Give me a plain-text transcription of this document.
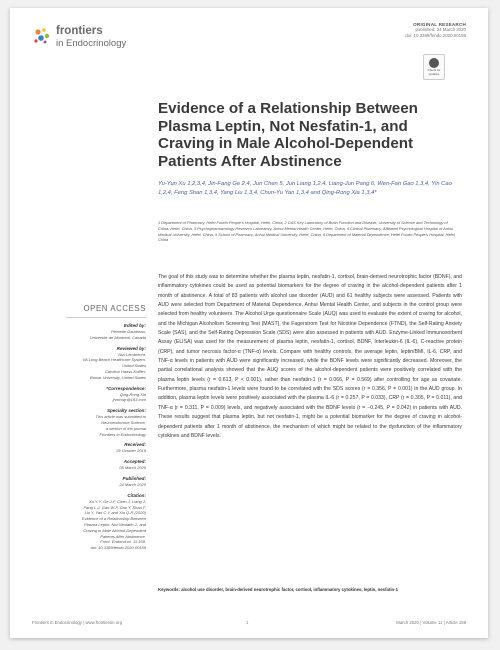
frontiers
in Endocrinology
ORIGINAL RESEARCH
published: 24 March 2020
doi: 10.3389/fendo.2020.00159
Check for updates
Evidence of a Relationship Between Plasma Leptin, Not Nesfatin-1, and Craving in Male Alcohol-Dependent Patients After Abstinence
Yu-Yun Xu 1,2,3,4, Jin-Fang Ge 2,4, Jun Chen 5, Jun Liang 1,2,4, Liang-Jun Pang 6, Wen-Fan Gao 1,3,4, Yin Cao 1,2,4, Feng Shan 1,3,4, Yang Liu 1,3,4, Chun-Yu Yan 1,3,4 and Qing-Rong Xia 1,3,4*
1 Department of Pharmacy, Hefei Fourth People's Hospital, Hefei, China, 2 CAS Key Laboratory of Brain Function and Disease, University of Science and Technology of China, Hefei, China, 3 Psychopharmacology Research Laboratory, Anhui Mental Health Center, Hefei, China, 4 Clinical Pharmacy, Affiliated Psychological Hospital of Anhui Medical University, Hefei, China, 5 School of Pharmacy, Anhui Medical University, Hefei, China, 6 Department of Material Dependence, Hefei Fourth People's Hospital, Hefei, China
OPEN ACCESS
Edited by:
Pierrette Gaudreau,
Université de Montréal, Canada
Reviewed by:
Nizi Lembrecht,
VA Long Beach Healthcare System,
United States
Carolina Haass-Koffler,
Brown University, United States
*Correspondence:
Qing-Rong Xia
jhmcxqr@163.com
Specialty section:
This article was submitted to
Neuroendocrine Science,
a section of the journal
Frontiers in Endocrinology
Received:
25 October 2019
Accepted:
05 March 2020
Published:
24 March 2020
Citation:
Xu Y-Y, Ge J-F, Chen J, Liang J,
Pang L-J, Gao W-F, Cao Y, Shan F,
Liu Y, Yan C-Y and Xia Q-R (2020)
Evidence of a Relationship Between
Plasma Leptin, Not Nesfatin-1, and
Craving in Male Alcohol-Dependent
Patients After Abstinence.
Front. Endocrinol. 11:159.
doi: 10.3389/fendo.2020.00159
The goal of this study was to determine whether the plasma leptin, nesfatin-1, cortisol, brain-derived neurotrophic factor (BDNF), and inflammatory cytokines could be used as potential biomarkers for the degree of craving in the alcohol-dependent patients after 1 month of abstinence. A total of 83 patients with alcohol use disorder (AUD) and 61 healthy subjects were assessed. Patients with AUD were selected from Department of Material Dependence, Anhui Mental Health Center, and subjects in the control group were selected from healthy volunteers. The Alcohol Urge questionnaire Scale (AUQ) was used to evaluate the extent of craving for alcohol, and the Michigan Alcoholism Screening Test (MAST), the Fagerstrom Test for Nicotine Dependence (FTND), the Self-Rating Anxiety Scale (SAS), and the Self-Rating Depression Scale (SDS) were also assessed in patients with AUD. Enzyme-Linked Immunosorbent Assay (ELISA) was used for the measurement of plasma leptin, nesfatin-1, cortisol, BDNF, Interleukin-6 (IL-6), C-reactive protein (CRP), and tumor necrosis factor-α (TNF-α) levels. Compare with healthy controls, the average leptin, leptin/BMI, IL-6, CRP, and TNF-α levels in patients with AUD were significantly increased, while the BDNF levels were significantly decreased. Moreover, the partial correlational analysis showed that the AUQ scores of the alcohol-dependent patients were positively correlated with the plasma leptin levels (r = 0.613, P < 0.001), rather than nesfatin-1 (r = 0.066, P = 0.569) after controlling for age as covariate. Furthermore, plasma nesfatin-1 levels were found to be correlated with the SDS scores (r = 0.356, P = 0.001) in the AUD group. In addition, plasma leptin levels were positively associated with the plasma IL-6 (r = 0.257, P = 0.033), CRP (r = 0.305, P = 0.011), and TNF-α (r = 0.311, P = 0.009) levels, and negatively associated with the BDNF levels (r = −0.245, P = 0.042) in patients with AUD. These results suggest that plasma leptin, but not nesfatin-1, might be a potential biomarker for the degree of craving in alcohol-dependent patients after 1 month of abstinence, the mechanism of which might be related to the dysfunction of the inflammatory cytokines and BDNF levels.
Keywords: alcohol use disorder, brain-derived neurotrophic factor, cortisol, inflammatory cytokines, leptin, nesfatin-1
Frontiers in Endocrinology | www.frontiersin.org	1	March 2020 | Volume 11 | Article 159
